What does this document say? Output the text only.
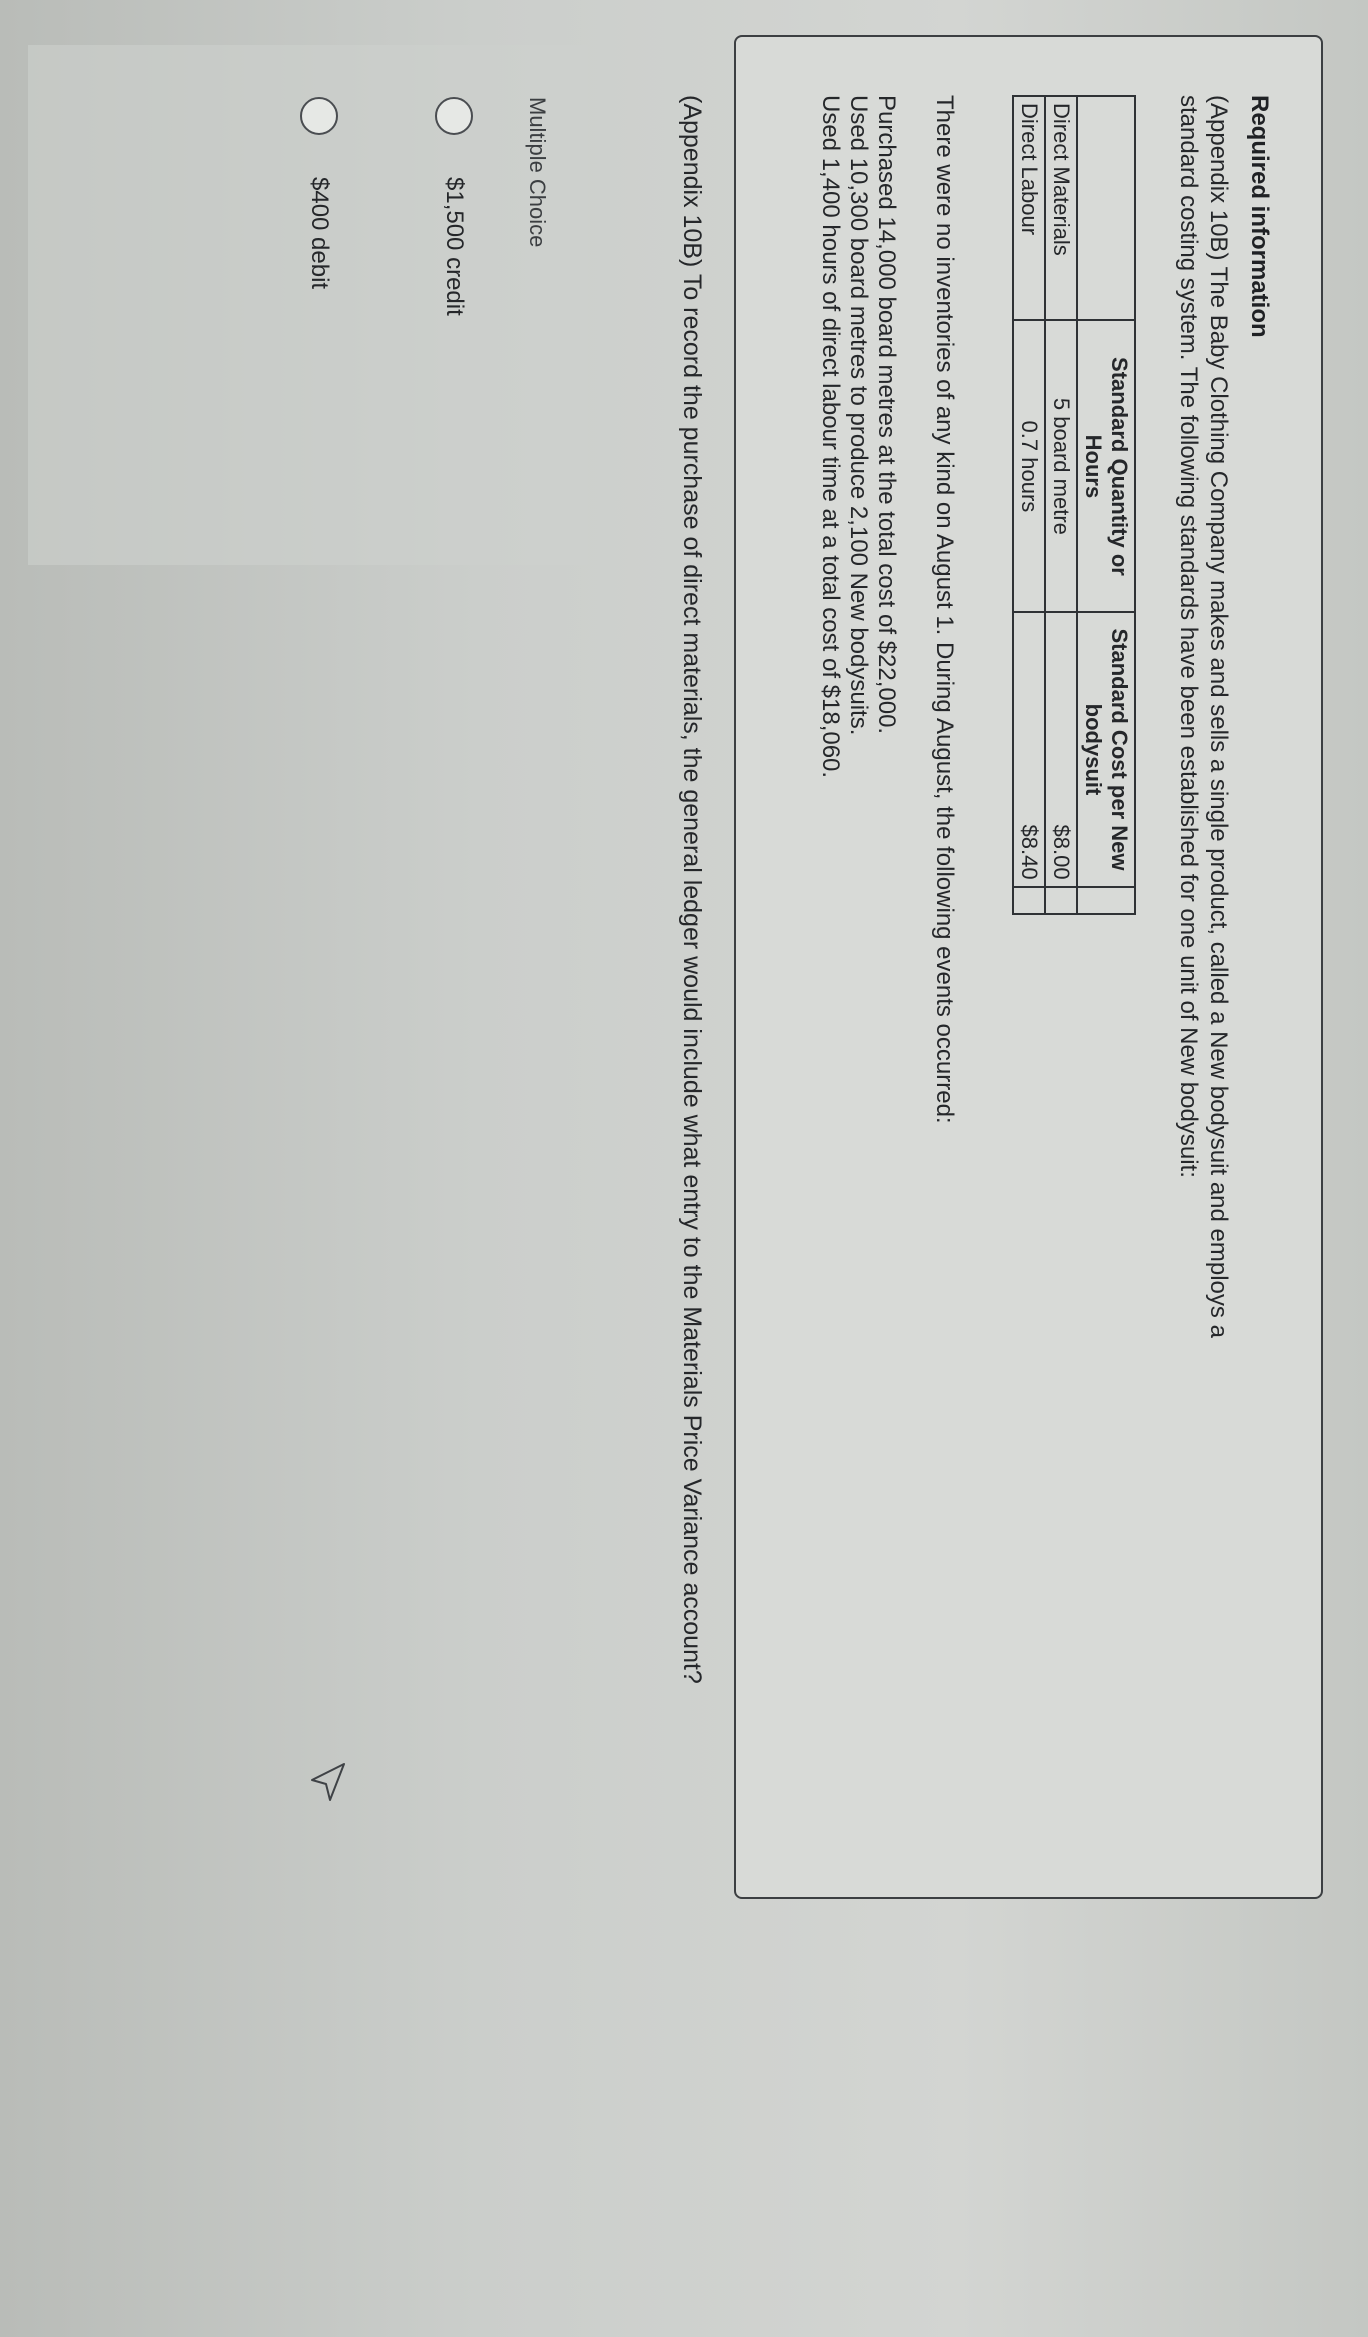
Required information
(Appendix 10B) The Baby Clothing Company makes and sells a single product, called a New bodysuit and employs a standard costing system. The following standards have been established for one unit of New bodysuit:
	Standard Quantity or Hours	Standard Cost per New bodysuit	
Direct Materials	5 board metre	$8.00	
Direct Labour	0.7 hours	$8.40	

There were no inventories of any kind on August 1. During August, the following events occurred:

Purchased 14,000 board metres at the total cost of $22,000.

Used 10,300 board metres to produce 2,100 New bodysuits.

Used 1,400 hours of direct labour time at a total cost of $18,060.

(Appendix 10B) To record the purchase of direct materials, the general ledger would include what entry to the Materials Price Variance account?
Multiple Choice
$1,500 credit
$400 debit
